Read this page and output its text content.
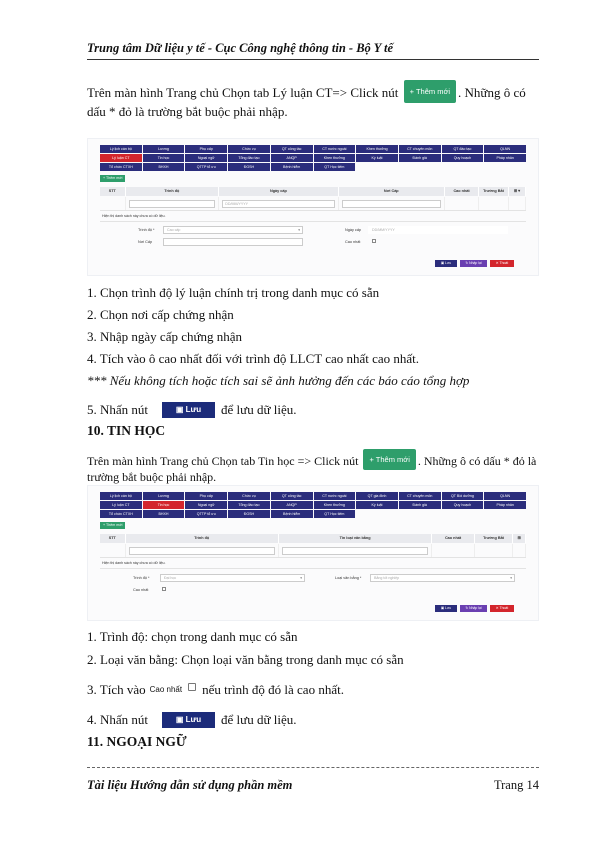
Trung tâm Dữ liệu y tế - Cục Công nghệ thông tin - Bộ Y tế
Trên màn hình Trang chủ Chọn tab Lý luận CT=> Click nút + Thêm mới . Những ô có dấu * đỏ là trường bắt buộc phải nhập.
Lý lịch cán bộ	Lương	Phụ cấp	Chức vụ	QT công tác	CT nước ngoài	Khen thưởng	CT chuyên môn	QT đào tạo	QLNN
Lý luận CT	Tin học	Ngoại ngữ	Tổng đào tạo	ANQP	Khen thưởng	Kỷ luật	Đánh giá	Quy hoạch	Pháp nhân
Tổ chức CTXH	BHXH	QTTP tổ ưu	ĐGSH	Bệnh hiểm	QT Học tiếm
+ Thêm mới
STT	Trình độ	Ngày cấp	Nơi Cấp	Cao nhất	Trường Bắt	⊞ ▾
DD/MM/YYYY
Hiện thị danh sách này chưa có dữ liệu.
Trình độ *	Cao cấp	▾
Nơi Cấp
Ngày cấp	DD/MM/YYYY
Cao nhất
▣ Lưu	↻ Nhập lại	✕ Thoát
1. Chọn trình độ lý luận chính trị trong danh mục có sẵn
2. Chọn nơi cấp chứng nhận
3. Nhập ngày cấp chứng nhận
4. Tích vào ô cao nhất đối với trình độ LLCT cao nhất cao nhất.
*** Nếu không tích hoặc tích sai sẽ ảnh hưởng đến các báo cáo tổng hợp
5. Nhấn nút	▣ Lưu để lưu dữ liệu.
10. TIN HỌC
Trên màn hình Trang chủ Chọn tab Tin học => Click nút + Thêm mới . Những ô có dấu * đỏ là trường bắt buộc phải nhập.
Lý lịch cán bộ	Lương	Phụ cấp	Chức vụ	QT công tác	CT nước ngoài	QT gia đình	CT chuyên môn	QT Bồi dưỡng	QLNN
Lý luận CT	Tin học	Ngoại ngữ	Tổng đào tạo	ANQP	Khen thưởng	Kỷ luật	Đánh giá	Quy hoạch	Pháp nhân
Tổ chức CTXH	BHXH	QTTP tổ ưu	ĐGSH	Bệnh hiểm	QT Học tiếm
+ Thêm mới
STT	Trình độ	Tin loại văn bằng	Cao nhất	Trường Bắt	⊞
Hiện thị danh sách này chưa có dữ liệu.
Trình độ *	Đại học	▾
Cao nhất
Loại văn bằng *	Bằng tốt nghiệp	▾
▣ Lưu	↻ Nhập lại	✕ Thoát
1. Trình độ: chọn trong danh mục có sẵn
2. Loại văn bằng: Chọn loại văn bằng trong danh mục có sẵn
3. Tích vào Cao nhất nếu trình độ đó là cao nhất.
4. Nhấn nút	▣ Lưu để lưu dữ liệu.
11. NGOẠI NGỮ
Tài liệu Hướng dẫn sử dụng phần mềm	Trang 14
